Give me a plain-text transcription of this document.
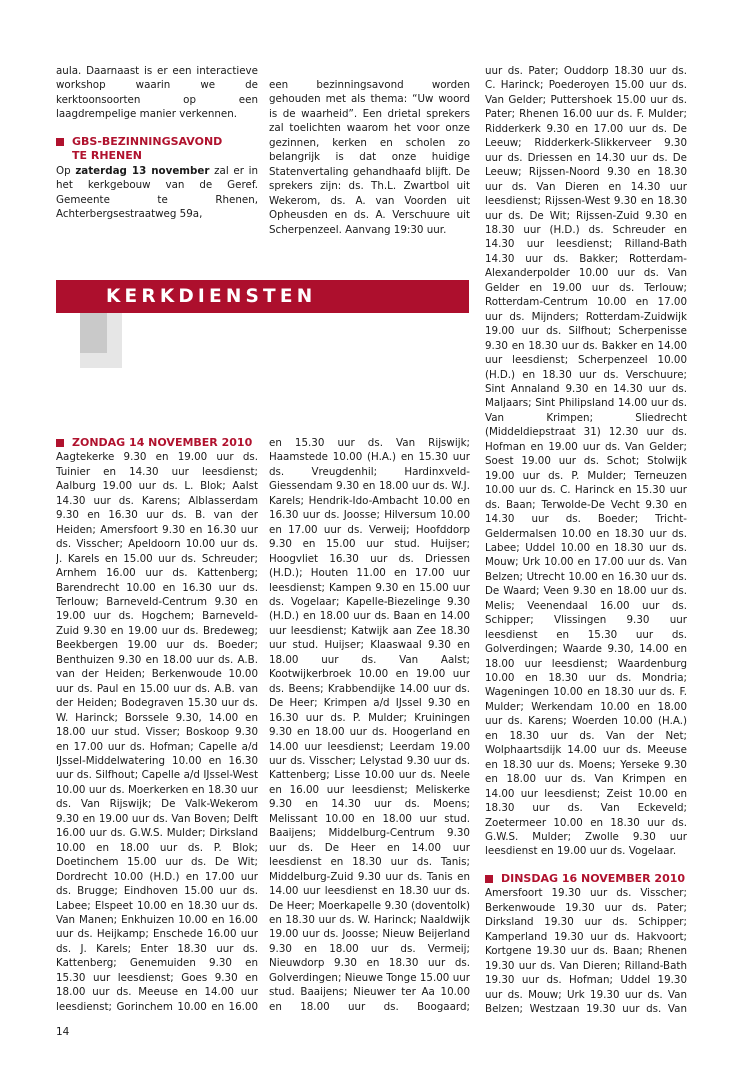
aula. Daarnaast is er een interactieve workshop waarin we de kerktoonsoorten op een laagdrempelige manier verkennen.

GBS-BEZINNINGSAVOND
TE RHENEN

Op zaterdag 13 november zal er in het kerkgebouw van de Geref. Gemeente te Rhenen, Achterbergsestraatweg 59a,

een bezinningsavond worden gehouden met als thema: “Uw woord is de waarheid”. Een drietal sprekers zal toelichten waarom het voor onze gezinnen, kerken en scholen zo belangrijk is dat onze huidige Statenvertaling gehandhaafd blijft. De sprekers zijn: ds. Th.L. Zwartbol uit Wekerom, ds. A. van Voorden uit Opheusden en ds. A. Verschuure uit Scherpenzeel. Aanvang 19:30 uur.

KERKDIENSTEN
ZONDAG 14 NOVEMBER 2010

Aagtekerke 9.30 en 19.00 uur ds. Tuinier en 14.30 uur leesdienst; Aalburg 19.00 uur ds. L. Blok; Aalst 14.30 uur ds. Karens; Alblasserdam 9.30 en 16.30 uur ds. B. van der Heiden; Amersfoort 9.30 en 16.30 uur ds. Visscher; Apeldoorn 10.00 uur ds. J. Karels en 15.00 uur ds. Schreuder; Arnhem 16.00 uur ds. Kattenberg; Barendrecht 10.00 en 16.30 uur ds. Terlouw; Barneveld-Centrum 9.30 en 19.00 uur ds. Hogchem; Barneveld-Zuid 9.30 en 19.00 uur ds. Bredeweg; Beekbergen 19.00 uur ds. Boeder; Benthuizen 9.30 en 18.00 uur ds. A.B. van der Heiden; Berkenwoude 10.00 uur ds. Paul en 15.00 uur ds. A.B. van der Heiden; Bodegraven 15.30 uur ds. W. Harinck; Borssele 9.30, 14.00 en 18.00 uur stud. Visser; Boskoop 9.30 en 17.00 uur ds. Hofman; Capelle a/d IJssel-Middelwatering 10.00 en 16.30 uur ds. Silfhout; Capelle a/d IJssel-West 10.00 uur ds. Moerkerken en 18.30 uur ds. Van Rijswijk; De Valk-Wekerom 9.30 en 19.00 uur ds. Van Boven; Delft 16.00 uur ds. G.W.S. Mulder; Dirksland 10.00 en 18.00 uur ds. P. Blok; Doetinchem 15.00 uur ds. De Wit; Dordrecht 10.00 (H.D.) en 17.00 uur ds. Brugge; Eindhoven 15.00 uur ds. Labee; Elspeet 10.00 en 18.30 uur ds. Van Manen; Enkhuizen 10.00 en 16.00 uur ds. Heijkamp; Enschede 16.00 uur ds. J. Karels; Enter 18.30 uur ds. Kattenberg; Genemuiden 9.30 en 15.30 uur leesdienst; Goes 9.30 en 18.00 uur ds. Meeuse en 14.00 uur leesdienst; Gorinchem 10.00 en 16.00

en 15.30 uur ds. Van Rijswijk; Haamstede 10.00 (H.A.) en 15.30 uur ds. Vreugdenhil; Hardinxveld-Giessendam 9.30 en 18.00 uur ds. W.J. Karels; Hendrik-Ido-Ambacht 10.00 en 16.30 uur ds. Joosse; Hilversum 10.00 en 17.00 uur ds. Verweij; Hoofddorp 9.30 en 15.00 uur stud. Huijser; Hoogvliet 16.30 uur ds. Driessen (H.D.); Houten 11.00 en 17.00 uur leesdienst; Kampen 9.30 en 15.00 uur ds. Vogelaar; Kapelle-Biezelinge 9.30 (H.D.) en 18.00 uur ds. Baan en 14.00 uur leesdienst; Katwijk aan Zee 18.30 uur stud. Huijser; Klaaswaal 9.30 en 18.00 uur ds. Van Aalst; Kootwijkerbroek 10.00 en 19.00 uur ds. Beens; Krabbendijke 14.00 uur ds. De Heer; Krimpen a/d IJssel 9.30 en 16.30 uur ds. P. Mulder; Kruiningen 9.30 en 18.00 uur ds. Hoogerland en 14.00 uur leesdienst; Leerdam 19.00 uur ds. Visscher; Lelystad 9.30 uur ds. Kattenberg; Lisse 10.00 uur ds. Neele en 16.00 uur leesdienst; Meliskerke 9.30 en 14.30 uur ds. Moens; Melissant 10.00 en 18.00 uur stud. Baaijens; Middelburg-Centrum 9.30 uur ds. De Heer en 14.00 uur leesdienst en 18.30 uur ds. Tanis; Middelburg-Zuid 9.30 uur ds. Tanis en 14.00 uur leesdienst en 18.30 uur ds. De Heer; Moerkapelle 9.30 (doventolk) en 18.30 uur ds. W. Harinck; Naaldwijk 19.00 uur ds. Joosse; Nieuw Beijerland 9.30 en 18.00 uur ds. Vermeij; Nieuwdorp 9.30 en 18.30 uur ds. Golverdingen; Nieuwe Tonge 15.00 uur stud. Baaijens; Nieuwer ter Aa 10.00 en 18.00 uur ds. Boogaard;

uur ds. Pater; Ouddorp 18.30 uur ds. C. Harinck; Poederoyen 15.00 uur ds. Van Gelder; Puttershoek 15.00 uur ds. Pater; Rhenen 16.00 uur ds. F. Mulder; Ridderkerk 9.30 en 17.00 uur ds. De Leeuw; Ridderkerk-Slikkerveer 9.30 uur ds. Driessen en 14.30 uur ds. De Leeuw; Rijssen-Noord 9.30 en 18.30 uur ds. Van Dieren en 14.30 uur leesdienst; Rijssen-West 9.30 en 18.30 uur ds. De Wit; Rijssen-Zuid 9.30 en 18.30 uur (H.D.) ds. Schreuder en 14.30 uur leesdienst; Rilland-Bath 14.30 uur ds. Bakker; Rotterdam-Alexanderpolder 10.00 uur ds. Van Gelder en 19.00 uur ds. Terlouw; Rotterdam-Centrum 10.00 en 17.00 uur ds. Mijnders; Rotterdam-Zuidwijk 19.00 uur ds. Silfhout; Scherpenisse 9.30 en 18.30 uur ds. Bakker en 14.00 uur leesdienst; Scherpenzeel 10.00 (H.D.) en 18.30 uur ds. Verschuure; Sint Annaland 9.30 en 14.30 uur ds. Maljaars; Sint Philipsland 14.00 uur ds. Van Krimpen; Sliedrecht (Middeldiepstraat 31) 12.30 uur ds. Hofman en 19.00 uur ds. Van Gelder; Soest 19.00 uur ds. Schot; Stolwijk 19.00 uur ds. P. Mulder; Terneuzen 10.00 uur ds. C. Harinck en 15.30 uur ds. Baan; Terwolde-De Vecht 9.30 en 14.30 uur ds. Boeder; Tricht-Geldermalsen 10.00 en 18.30 uur ds. Labee; Uddel 10.00 en 18.30 uur ds. Mouw; Urk 10.00 en 17.00 uur ds. Van Belzen; Utrecht 10.00 en 16.30 uur ds. De Waard; Veen 9.30 en 18.00 uur ds. Melis; Veenendaal 16.00 uur ds. Schipper; Vlissingen 9.30 uur leesdienst en 15.30 uur ds. Golverdingen; Waarde 9.30, 14.00 en 18.00 uur leesdienst; Waardenburg 10.00 en 18.30 uur ds. Mondria; Wageningen 10.00 en 18.30 uur ds. F. Mulder; Werkendam 10.00 en 18.00 uur ds. Karens; Woerden 10.00 (H.A.) en 18.30 uur ds. Van der Net; Wolphaartsdijk 14.00 uur ds. Meeuse en 18.30 uur ds. Moens; Yerseke 9.30 en 18.00 uur ds. Van Krimpen en 14.00 uur leesdienst; Zeist 10.00 en 18.30 uur ds. Van Eckeveld; Zoetermeer 10.00 en 18.30 uur ds. G.W.S. Mulder; Zwolle 9.30 uur leesdienst en 19.00 uur ds. Vogelaar.

DINSDAG 16 NOVEMBER 2010

Amersfoort 19.30 uur ds. Visscher; Berkenwoude 19.30 uur ds. Pater; Dirksland 19.30 uur ds. Schipper; Kamperland 19.30 uur ds. Hakvoort; Kortgene 19.30 uur ds. Baan; Rhenen 19.30 uur ds. Van Dieren; Rilland-Bath 19.30 uur ds. Hofman; Uddel 19.30 uur ds. Mouw; Urk 19.30 uur ds. Van Belzen; Westzaan 19.30 uur ds. Van

14
